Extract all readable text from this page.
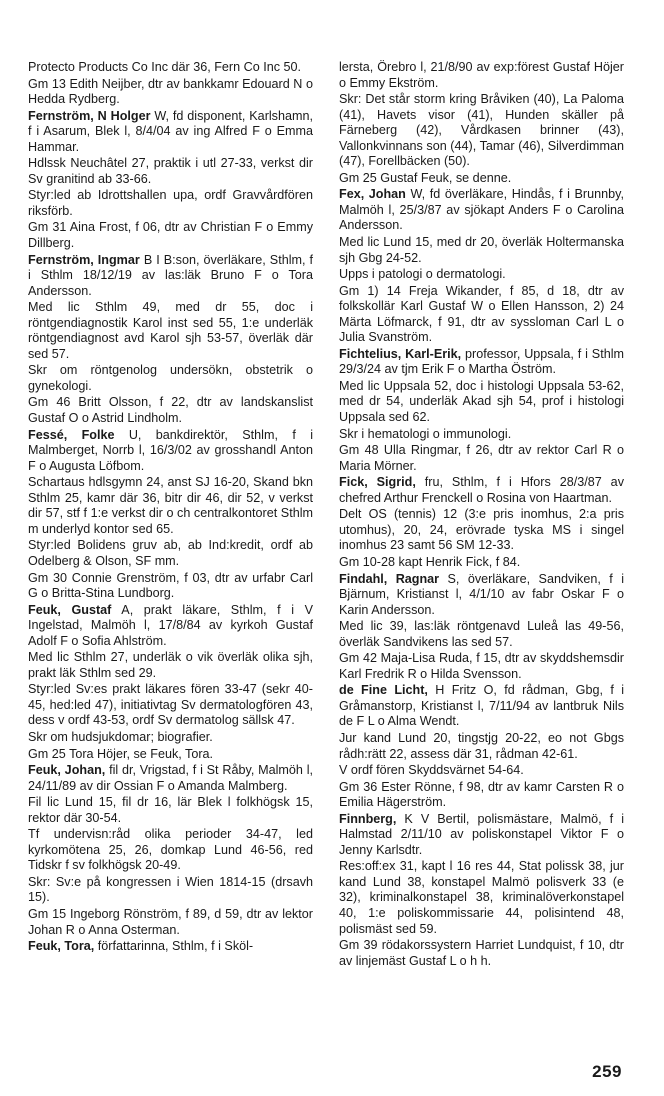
Protecto Products Co Inc där 36, Fern Co Inc 50.

Gm 13 Edith Neijber, dtr av bankkamr Edouard N o Hedda Rydberg.

Fernström, N Holger W, fd disponent, Karlshamn, f i Asarum, Blek l, 8/4/04 av ing Alfred F o Emma Hammar.

Hdlssk Neuchâtel 27, praktik i utl 27-33, verkst dir Sv granitind ab 33-66.

Styr:led ab Idrottshallen upa, ordf Gravvårdfören riksförb.

Gm 31 Aina Frost, f 06, dtr av Christian F o Emmy Dillberg.

Fernström, Ingmar B I B:son, överläkare, Sthlm, f i Sthlm 18/12/19 av las:läk Bruno F o Tora Andersson.

Med lic Sthlm 49, med dr 55, doc i röntgendiagnostik Karol inst sed 55, 1:e underläk röntgendiagnost avd Karol sjh 53-57, överläk där sed 57.

Skr om röntgenolog undersökn, obstetrik o gynekologi.

Gm 46 Britt Olsson, f 22, dtr av landskanslist Gustaf O o Astrid Lindholm.

Fessé, Folke U, bankdirektör, Sthlm, f i Malmberget, Norrb l, 16/3/02 av grosshandl Anton F o Augusta Löfbom.

Schartaus hdlsgymn 24, anst SJ 16-20, Skand bkn Sthlm 25, kamr där 36, bitr dir 46, dir 52, v verkst dir 57, stf f 1:e verkst dir o ch centralkontoret Sthlm m underlyd kontor sed 65.

Styr:led Bolidens gruv ab, ab Ind:kredit, ordf ab Odelberg & Olson, SF mm.

Gm 30 Connie Grenström, f 03, dtr av urfabr Carl G o Britta-Stina Lundborg.

Feuk, Gustaf A, prakt läkare, Sthlm, f i V Ingelstad, Malmöh l, 17/8/84 av kyrkoh Gustaf Adolf F o Sofia Ahlström.

Med lic Sthlm 27, underläk o vik överläk olika sjh, prakt läk Sthlm sed 29.

Styr:led Sv:es prakt läkares fören 33-47 (sekr 40-45, hed:led 47), initiativtag Sv dermatologfören 43, dess v ordf 43-53, ordf Sv dermatolog sällsk 47.

Skr om hudsjukdomar; biografier.

Gm 25 Tora Höjer, se Feuk, Tora.

Feuk, Johan, fil dr, Vrigstad, f i St Råby, Malmöh l, 24/11/89 av dir Ossian F o Amanda Malmberg.

Fil lic Lund 15, fil dr 16, lär Blek l folkhögsk 15, rektor där 30-54.

Tf undervisn:råd olika perioder 34-47, led kyrkomötena 25, 26, domkap Lund 46-56, red Tidskr f sv folkhögsk 20-49.

Skr: Sv:e på kongressen i Wien 1814-15 (drsavh 15).

Gm 15 Ingeborg Rönström, f 89, d 59, dtr av lektor Johan R o Anna Osterman.

Feuk, Tora, författarinna, Sthlm, f i Sköl-

lersta, Örebro l, 21/8/90 av exp:förest Gustaf Höjer o Emmy Ekström.

Skr: Det står storm kring Bråviken (40), La Paloma (41), Havets visor (41), Hunden skäller på Färneberg (42), Vårdkasen brinner (43), Vallonkvinnans son (44), Tamar (46), Silverdimman (47), Forellbäcken (50).

Gm 25 Gustaf Feuk, se denne.

Fex, Johan W, fd överläkare, Hindås, f i Brunnby, Malmöh l, 25/3/87 av sjökapt Anders F o Carolina Andersson.

Med lic Lund 15, med dr 20, överläk Holtermanska sjh Gbg 24-52.

Upps i patologi o dermatologi.

Gm 1) 14 Freja Wikander, f 85, d 18, dtr av folkskollär Karl Gustaf W o Ellen Hansson, 2) 24 Märta Löfmarck, f 91, dtr av syssloman Carl L o Julia Svanström.

Fichtelius, Karl-Erik, professor, Uppsala, f i Sthlm 29/3/24 av tjm Erik F o Martha Öström.

Med lic Uppsala 52, doc i histologi Uppsala 53-62, med dr 54, underläk Akad sjh 54, prof i histologi Uppsala sed 62.

Skr i hematologi o immunologi.

Gm 48 Ulla Ringmar, f 26, dtr av rektor Carl R o Maria Mörner.

Fick, Sigrid, fru, Sthlm, f i Hfors 28/3/87 av chefred Arthur Frenckell o Rosina von Haartman.

Delt OS (tennis) 12 (3:e pris inomhus, 2:a pris utomhus), 20, 24, erövrade tyska MS i singel inomhus 23 samt 56 SM 12-33.

Gm 10-28 kapt Henrik Fick, f 84.

Findahl, Ragnar S, överläkare, Sandviken, f i Bjärnum, Kristianst l, 4/1/10 av fabr Oskar F o Karin Andersson.

Med lic 39, las:läk röntgenavd Luleå las 49-56, överläk Sandvikens las sed 57.

Gm 42 Maja-Lisa Ruda, f 15, dtr av skyddshemsdir Karl Fredrik R o Hilda Svensson.

de Fine Licht, H Fritz O, fd rådman, Gbg, f i Gråmanstorp, Kristianst l, 7/11/94 av lantbruk Nils de F L o Alma Wendt.

Jur kand Lund 20, tingstjg 20-22, eo not Gbgs rådh:rätt 22, assess där 31, rådman 42-61.

V ordf fören Skyddsvärnet 54-64.

Gm 36 Ester Rönne, f 98, dtr av kamr Carsten R o Emilia Hägerström.

Finnberg, K V Bertil, polismästare, Malmö, f i Halmstad 2/11/10 av poliskonstapel Viktor F o Jenny Karlsdtr.

Res:off:ex 31, kapt l 16 res 44, Stat polissk 38, jur kand Lund 38, konstapel Malmö polisverk 33 (e 32), kriminalkonstapel 38, kriminalöverkonstapel 40, 1:e poliskommissarie 44, polisintend 48, polismäst sed 59.

Gm 39 rödakorssystern Harriet Lundquist, f 10, dtr av linjemäst Gustaf L o h h.

259
